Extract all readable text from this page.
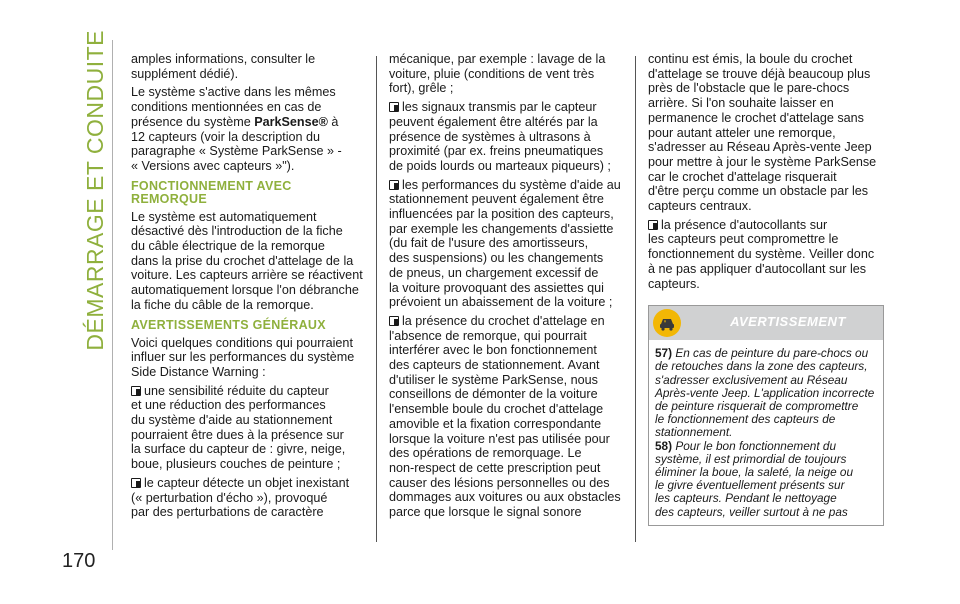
DÉMARRAGE ET CONDUITE
170

amples informations, consulter le
supplément dédié).

Le système s'active dans les mêmes
conditions mentionnées en cas de
présence du système ParkSense® à
12 capteurs (voir la description du
paragraphe « Système ParkSense » -
« Versions avec capteurs »").

FONCTIONNEMENT AVEC
REMORQUE

Le système est automatiquement
désactivé dès l'introduction de la fiche
du câble électrique de la remorque
dans la prise du crochet d'attelage de la
voiture. Les capteurs arrière se réactivent
automatiquement lorsque l'on débranche
la fiche du câble de la remorque.

AVERTISSEMENTS GÉNÉRAUX

Voici quelques conditions qui pourraient
influer sur les performances du système
Side Distance Warning :

une sensibilité réduite du capteur
et une réduction des performances
du système d'aide au stationnement
pourraient être dues à la présence sur
la surface du capteur de : givre, neige,
boue, plusieurs couches de peinture ;

le capteur détecte un objet inexistant
(« perturbation d'écho »), provoqué
par des perturbations de caractère

mécanique, par exemple : lavage de la
voiture, pluie (conditions de vent très
fort), grêle ;

les signaux transmis par le capteur
peuvent également être altérés par la
présence de systèmes à ultrasons à
proximité (par ex. freins pneumatiques
de poids lourds ou marteaux piqueurs) ;

les performances du système d'aide au
stationnement peuvent également être
influencées par la position des capteurs,
par exemple les changements d'assiette
(du fait de l'usure des amortisseurs,
des suspensions) ou les changements
de pneus, un chargement excessif de
la voiture provoquant des assiettes qui
prévoient un abaissement de la voiture ;

la présence du crochet d'attelage en
l'absence de remorque, qui pourrait
interférer avec le bon fonctionnement
des capteurs de stationnement. Avant
d'utiliser le système ParkSense, nous
conseillons de démonter de la voiture
l'ensemble boule du crochet d'attelage
amovible et la fixation correspondante
lorsque la voiture n'est pas utilisée pour
des opérations de remorquage. Le
non-respect de cette prescription peut
causer des lésions personnelles ou des
dommages aux voitures ou aux obstacles
parce que lorsque le signal sonore

continu est émis, la boule du crochet
d'attelage se trouve déjà beaucoup plus
près de l'obstacle que le pare-chocs
arrière. Si l'on souhaite laisser en
permanence le crochet d'attelage sans
pour autant atteler une remorque,
s'adresser au Réseau Après-vente Jeep
pour mettre à jour le système ParkSense
car le crochet d'attelage risquerait
d'être perçu comme un obstacle par les
capteurs centraux.

la présence d'autocollants sur
les capteurs peut compromettre le
fonctionnement du système. Veiller donc
à ne pas appliquer d'autocollant sur les
capteurs.

AVERTISSEMENT
57) En cas de peinture du pare-chocs ou
de retouches dans la zone des capteurs,
s'adresser exclusivement au Réseau
Après-vente Jeep. L'application incorrecte
de peinture risquerait de compromettre
le fonctionnement des capteurs de
stationnement.
58) Pour le bon fonctionnement du
système, il est primordial de toujours
éliminer la boue, la saleté, la neige ou
le givre éventuellement présents sur
les capteurs. Pendant le nettoyage
des capteurs, veiller surtout à ne pas
